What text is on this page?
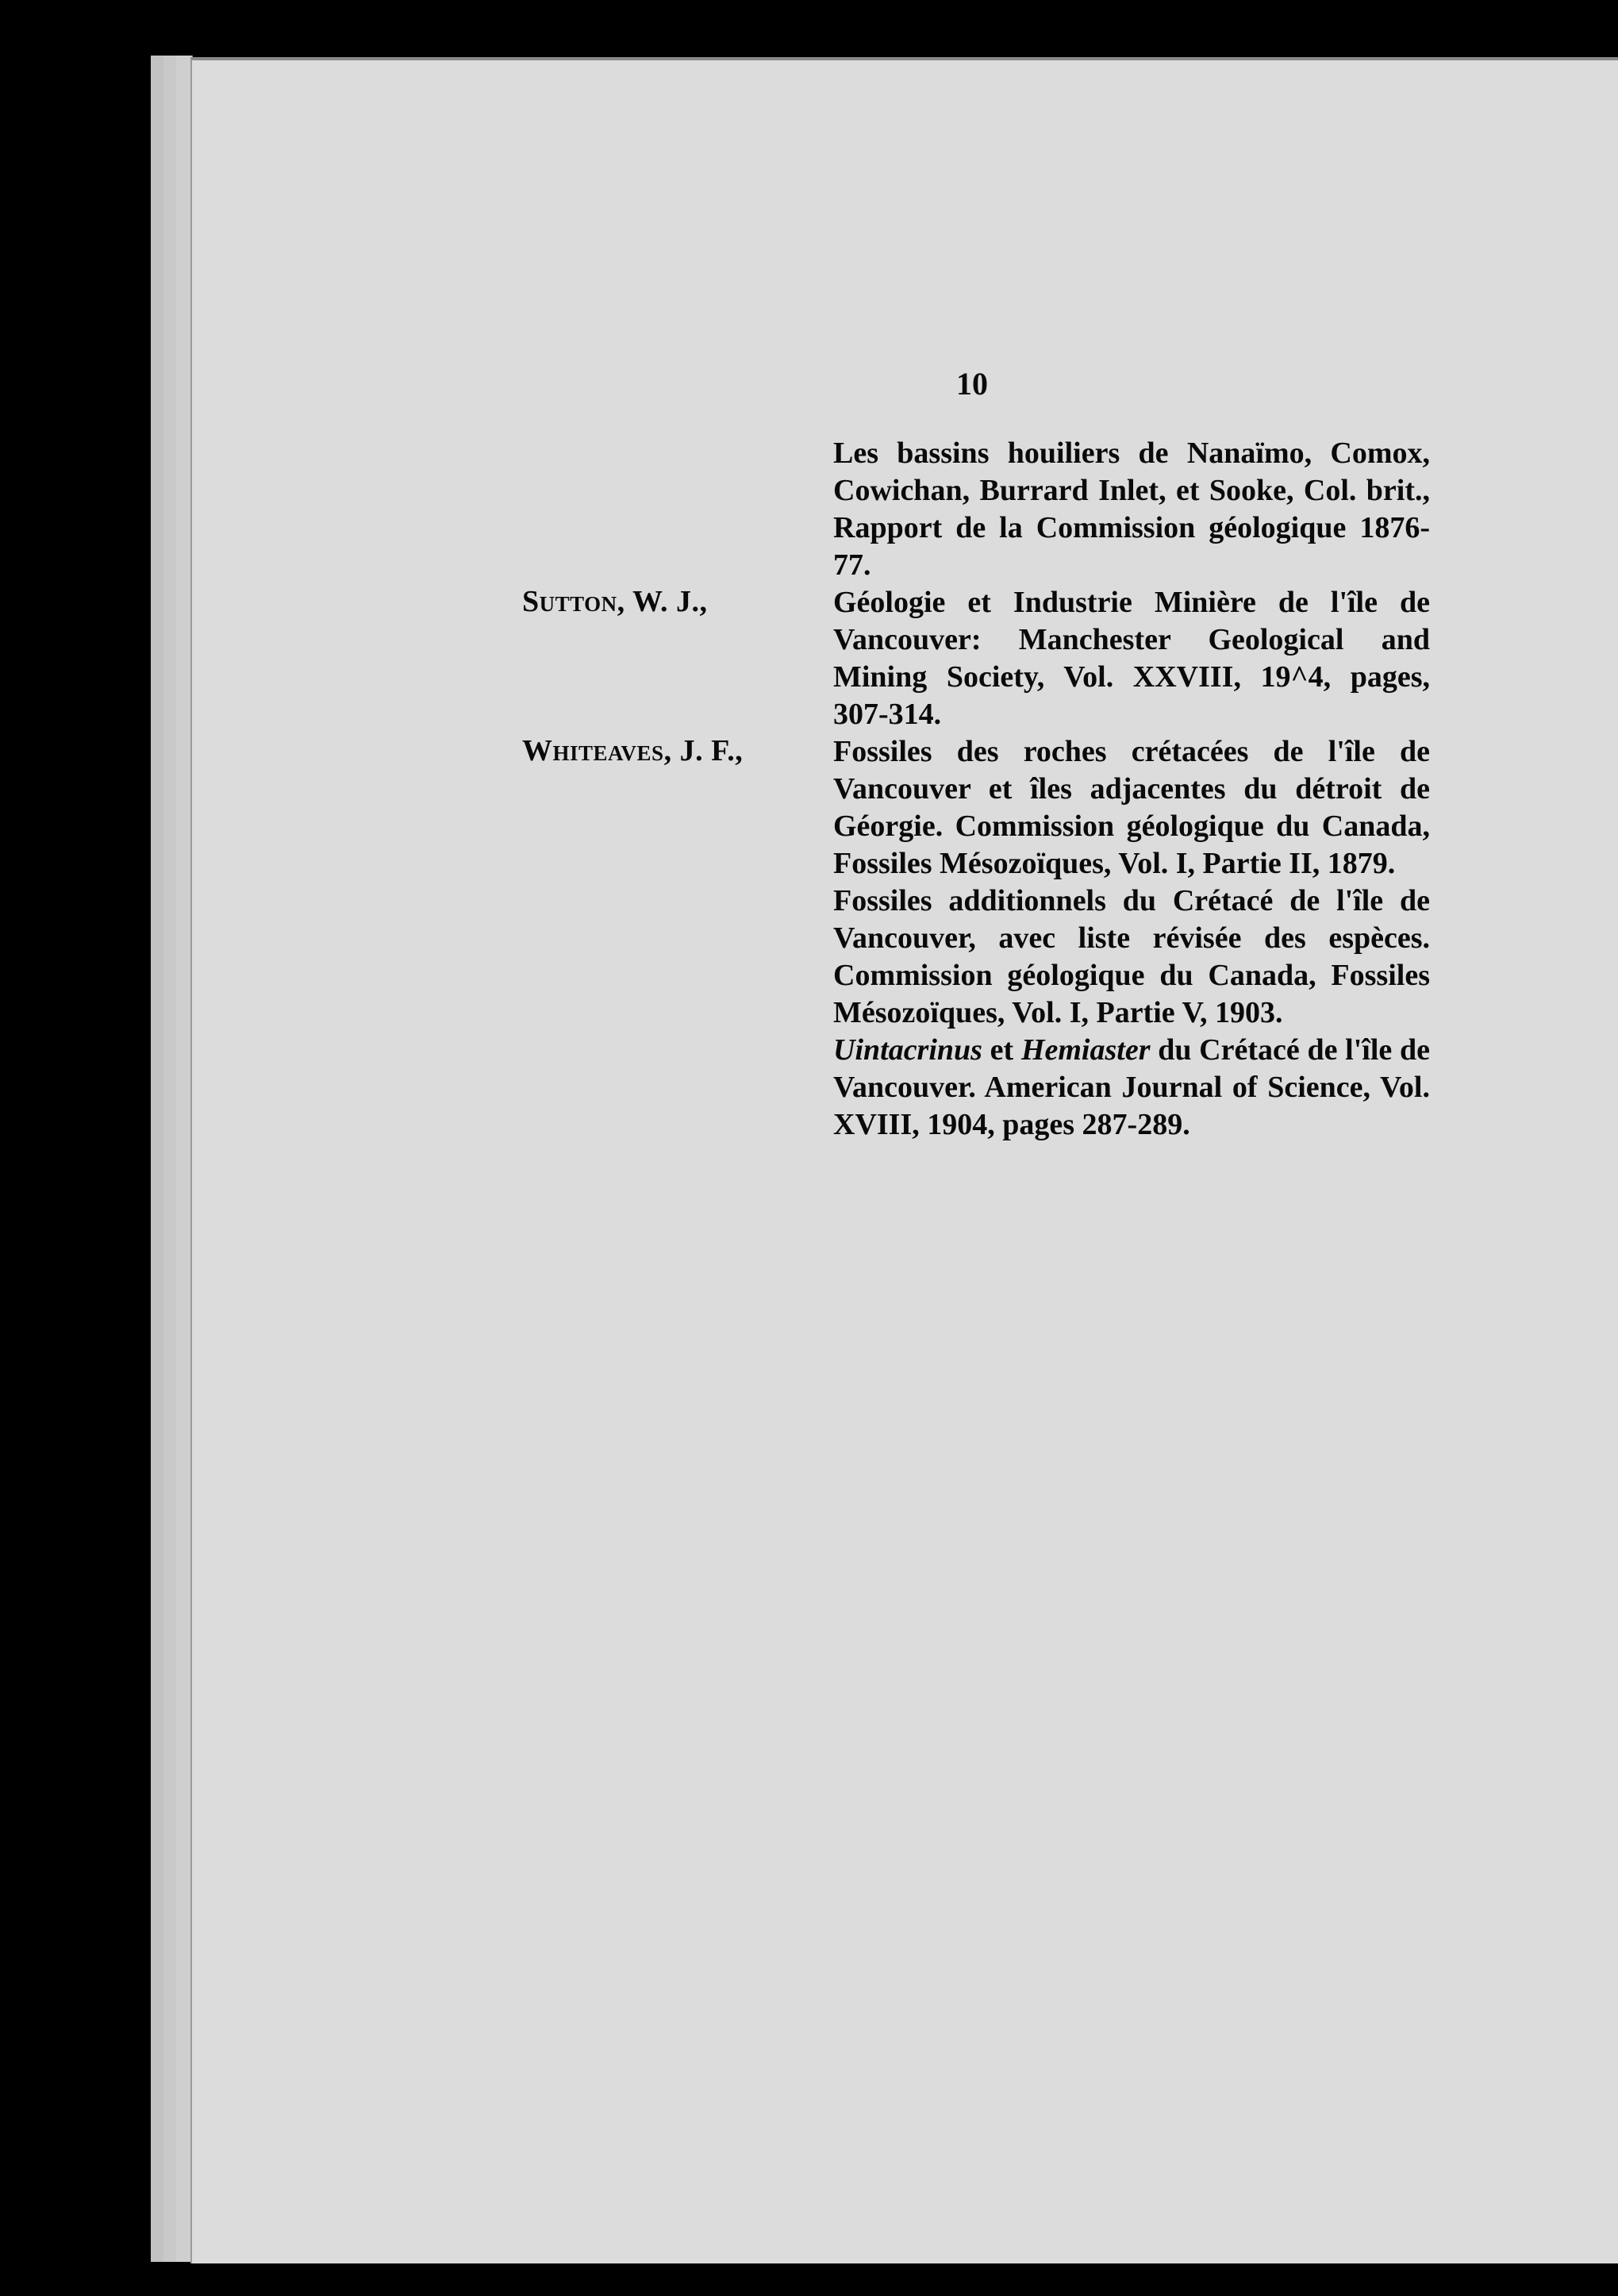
10
Les bassins houiliers de Nanaïmo, Comox, Cowichan, Burrard Inlet, et Sooke, Col. brit., Rapport de la Commission géologique 1876-77.
Sutton, W. J.,	Géologie et Industrie Minière de l'île de Vancouver: Manchester Geological and Mining Society, Vol. XXVIII, 19^4, pages, 307-314.
Whiteaves, J. F.,	Fossiles des roches crétacées de l'île de Vancouver et îles adjacentes du détroit de Géorgie. Commission géologique du Canada, Fossiles Mésozoïques, Vol. I, Partie II, 1879.
Fossiles additionnels du Crétacé de l'île de Vancouver, avec liste révisée des espèces. Commission géologique du Canada, Fossiles Mésozoïques, Vol. I, Partie V, 1903.
Uintacrinus et Hemiaster du Crétacé de l'île de Vancouver. American Journal of Science, Vol. XVIII, 1904, pages 287-289.
